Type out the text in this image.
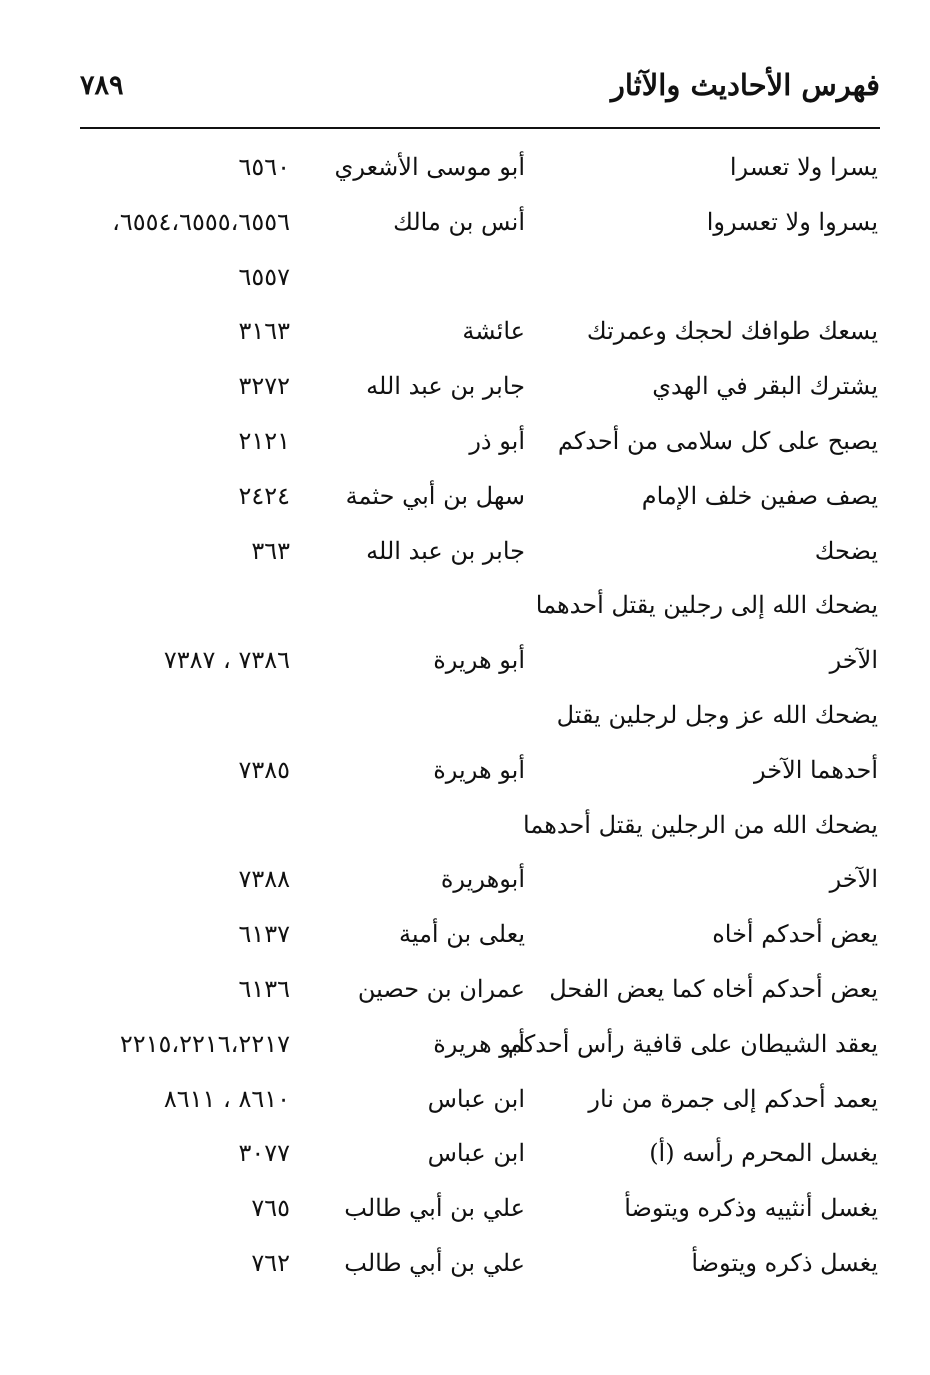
فهرس الأحاديث والآثار
٧٨٩
يسرا ولا تعسرا
أبو موسى الأشعري
٦٥٦٠
يسروا ولا تعسروا
أنس بن مالك
٦٥٥٤،٦٥٥٥،٦٥٥٦،
٦٥٥٧
يسعك طوافك لحجك وعمرتك
عائشة
٣١٦٣
يشترك البقر في الهدي
جابر بن عبد الله
٣٢٧٢
يصبح على كل سلامى من أحدكم
أبو ذر
٢١٢١
يصف صفين خلف الإمام
سهل بن أبي حثمة
٢٤٢٤
يضحك
جابر بن عبد الله
٣٦٣
يضحك الله إلى رجلين يقتل أحدهما
الآخر
أبو هريرة
٧٣٨٦ ، ٧٣٨٧
يضحك الله عز وجل لرجلين يقتل
أحدهما الآخر
أبو هريرة
٧٣٨٥
يضحك الله من الرجلين يقتل أحدهما
الآخر
أبوهريرة
٧٣٨٨
يعض أحدكم أخاه
يعلى بن أمية
٦١٣٧
يعض أحدكم أخاه كما يعض الفحل
عمران بن حصين
٦١٣٦
يعقد الشيطان على قافية رأس أحدكم
أبو هريرة
٢٢١٥،٢٢١٦،٢٢١٧
يعمد أحدكم إلى جمرة من نار
ابن عباس
٨٦١٠ ، ٨٦١١
يغسل المحرم رأسه (أ)
ابن عباس
٣٠٧٧
يغسل أنثييه وذكره ويتوضأ
علي بن أبي طالب
٧٦٥
يغسل ذكره ويتوضأ
علي بن أبي طالب
٧٦٢
